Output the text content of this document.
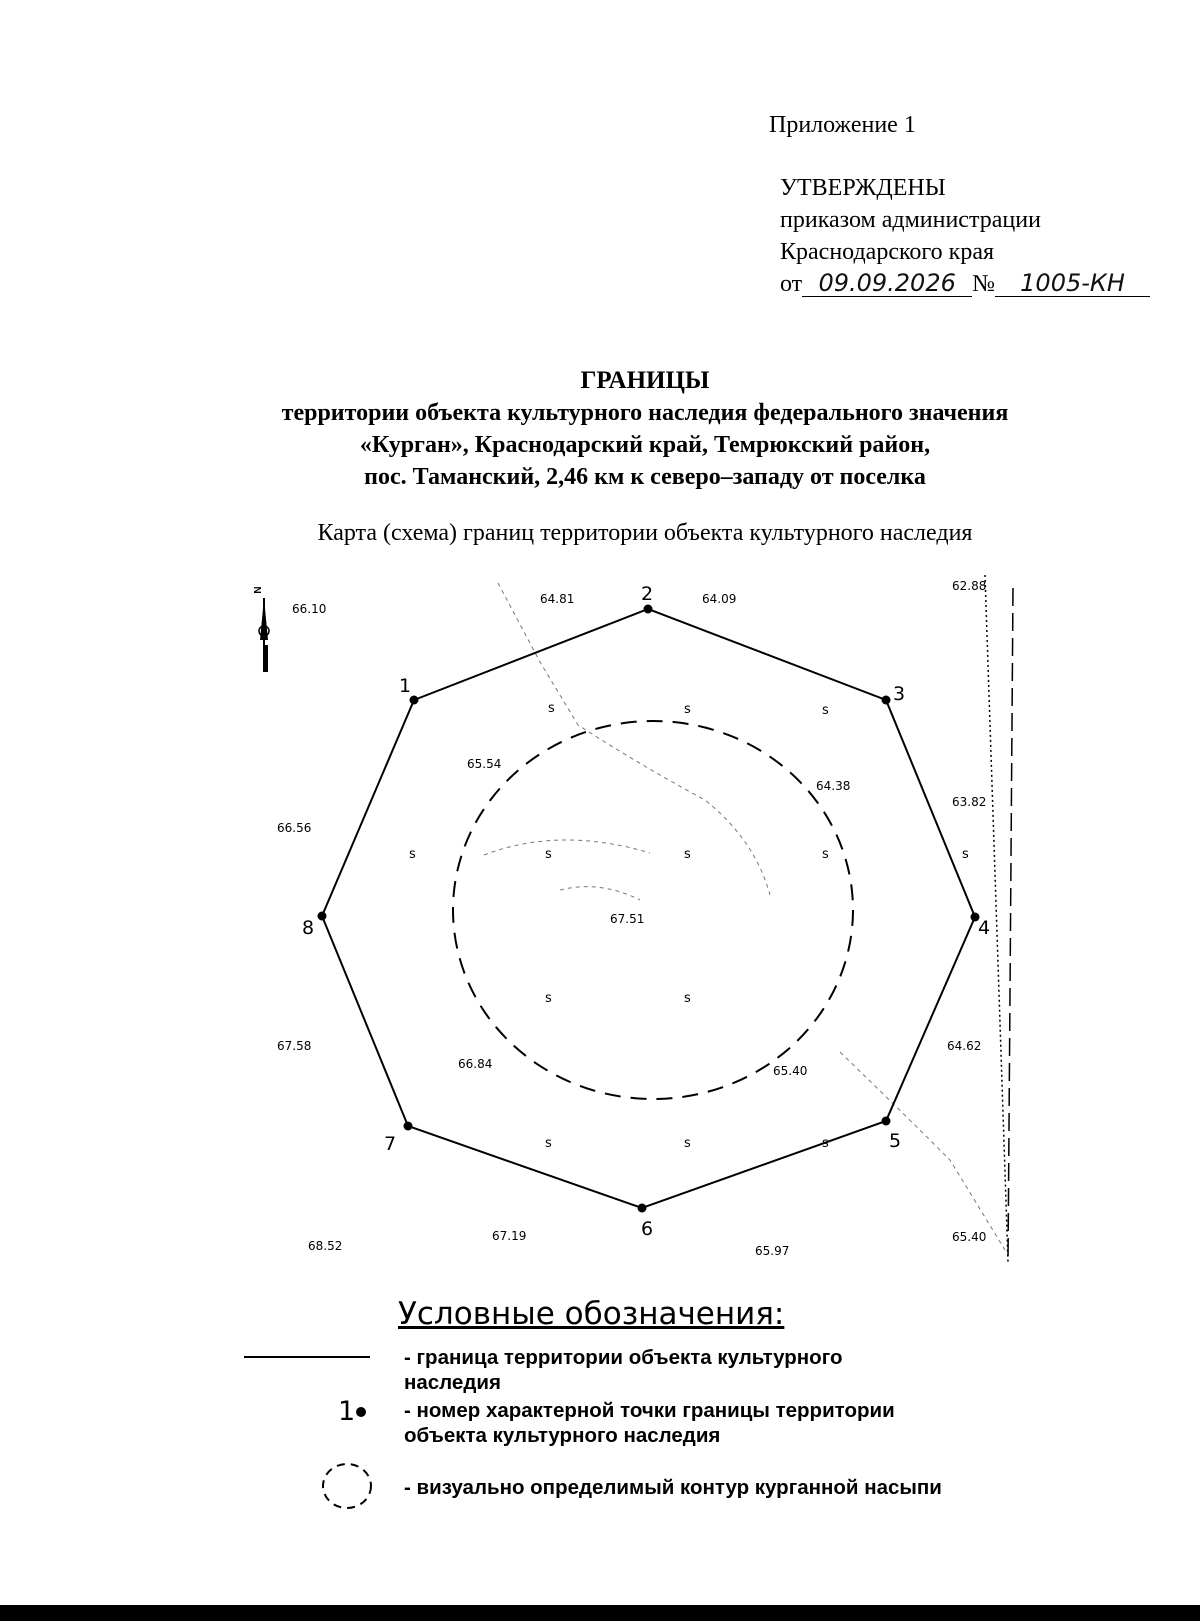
Приложение 1
УТВЕРЖДЕНЫ
приказом администрации
Краснодарского края
от 09.09.2026 № 1005-КН
ГРАНИЦЫ
территории объекта культурного наследия федерального значения
«Курган», Краснодарский край, Темрюкский район,
пос. Таманский, 2,46 км к северо–западу от поселка
Карта (схема) границ территории объекта культурного наследия
N
1
2
3
4
5
6
7
8
ꜱ	ꜱ	ꜱ
ꜱ	ꜱ	ꜱ	ꜱ	ꜱ
ꜱ	ꜱ
ꜱ	ꜱ	ꜱ
66.10
64.81	64.09
62.88
65.54
64.38
66.56
63.82
67.51
67.58	64.62
66.84	65.40
68.52
67.19
65.97
65.40
1
Условные обозначения:
- граница территории объекта культурного
наследия
- номер характерной точки границы территории
объекта культурного наследия
- визуально определимый контур курганной насыпи
